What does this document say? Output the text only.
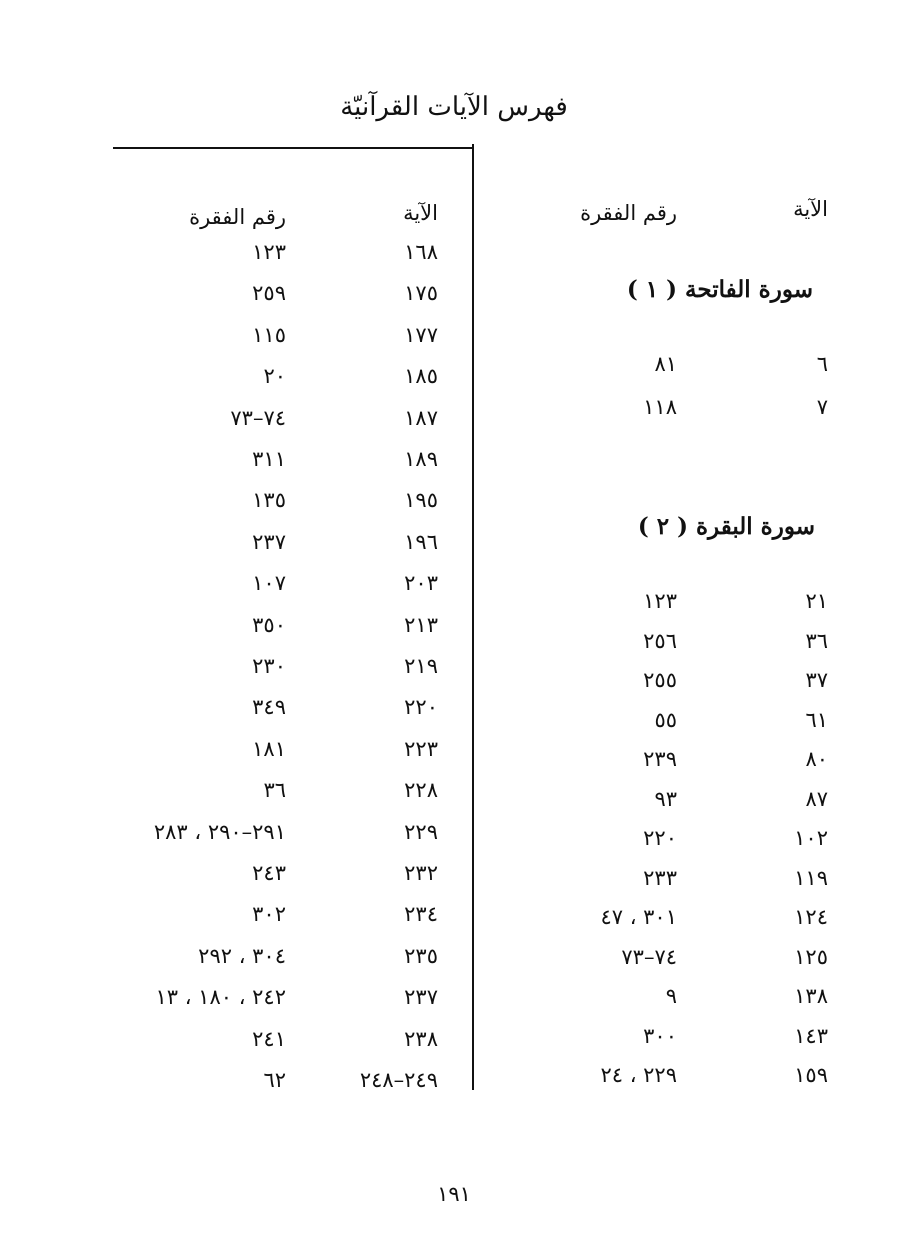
فهرس الآيات القرآنيّة
الآية
رقم الفقرة
سورة الفاتحة ( ١ )
سورة البقرة ( ٢ )
الآية
رقم الفقرة
٦
٨١
٧
١١٨
٢١
١٢٣
٣٦
٢٥٦
٣٧
٢٥٥
٦١
٥٥
٨٠
٢٣٩
٨٧
٩٣
١٠٢
٢٢٠
١١٩
٢٣٣
١٢٤
٣٠١ ، ٤٧
١٢٥
٧٤–٧٣
١٣٨
٩
١٤٣
٣٠٠
١٥٩
٢٢٩ ، ٢٤
١٦٨
١٢٣
١٧٥
٢٥٩
١٧٧
١١٥
١٨٥
٢٠
١٨٧
٧٤–٧٣
١٨٩
٣١١
١٩٥
١٣٥
١٩٦
٢٣٧
٢٠٣
١٠٧
٢١٣
٣٥٠
٢١٩
٢٣٠
٢٢٠
٣٤٩
٢٢٣
١٨١
٢٢٨
٣٦
٢٢٩
٢٩١–٢٩٠ ، ٢٨٣
٢٣٢
٢٤٣
٢٣٤
٣٠٢
٢٣٥
٣٠٤ ، ٢٩٢
٢٣٧
٢٤٢ ، ١٨٠ ، ١٣
٢٣٨
٢٤١
٢٤٩–٢٤٨
٦٢
١٩١
